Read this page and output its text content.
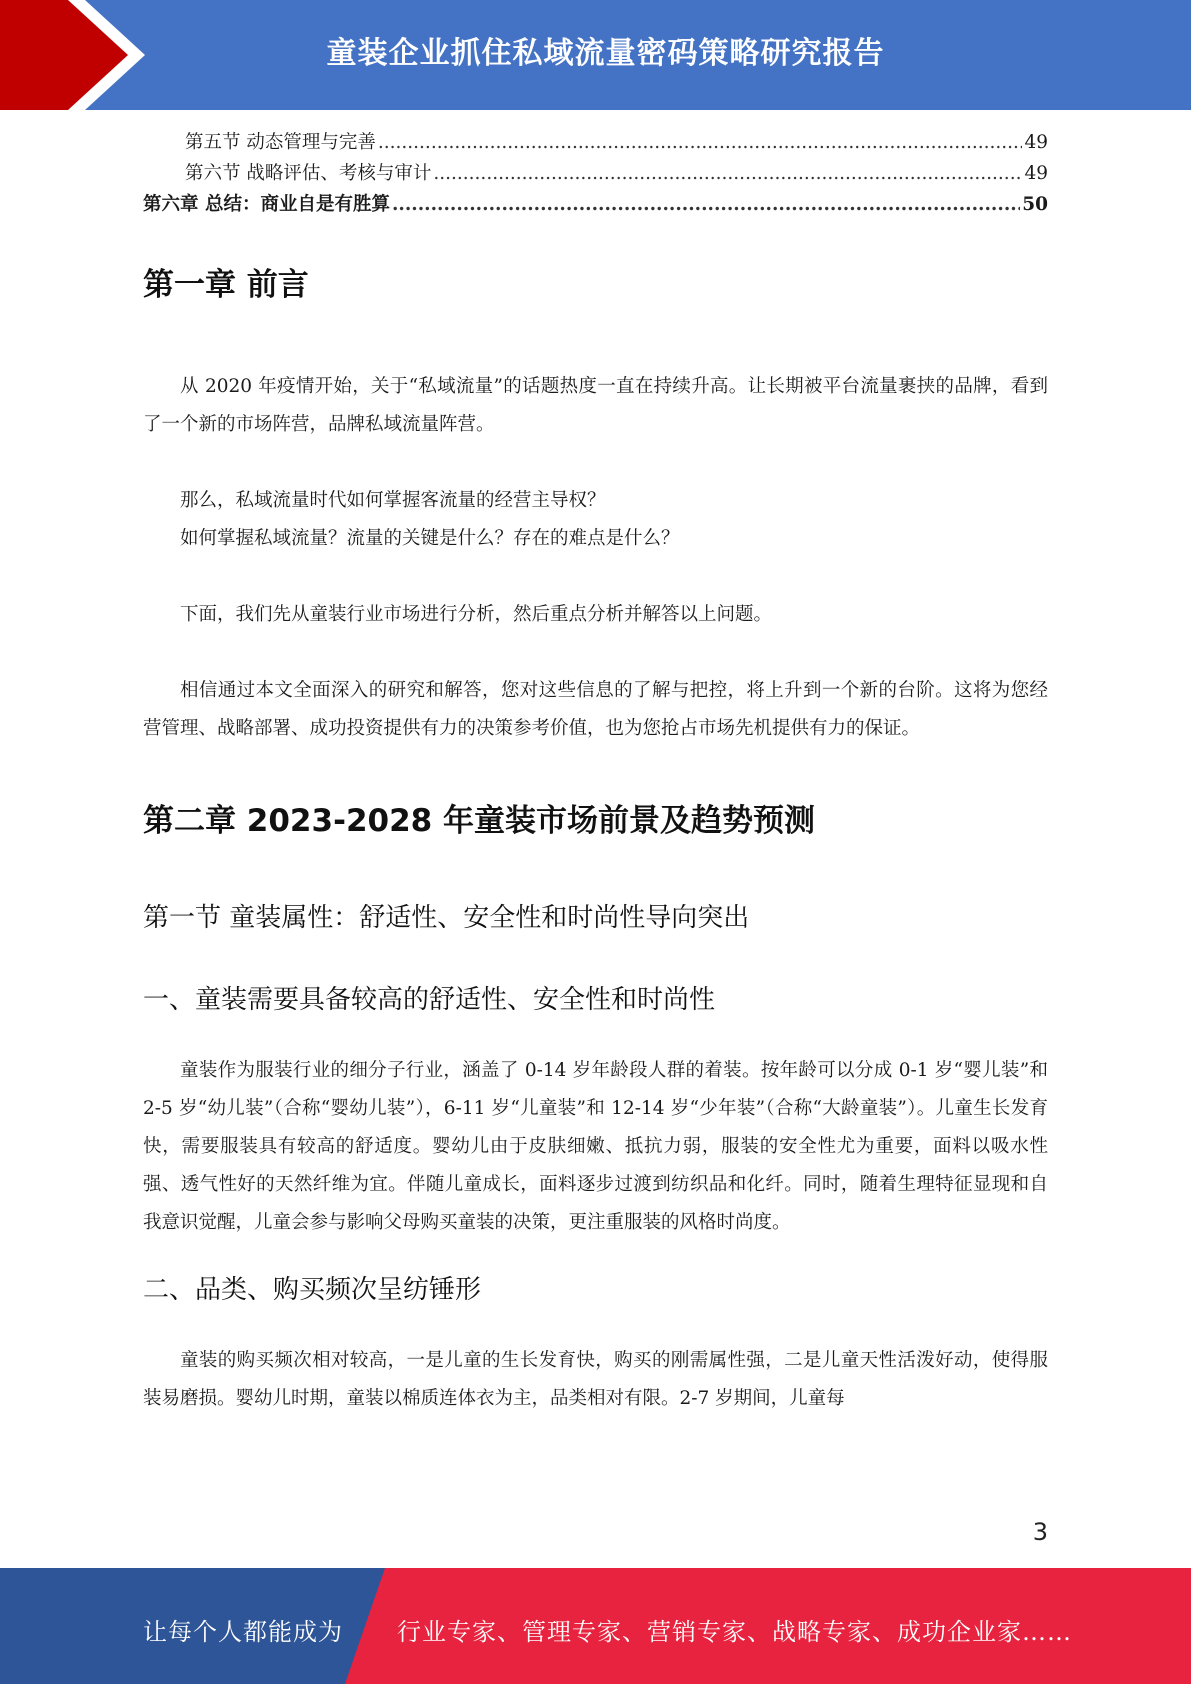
童装企业抓住私域流量密码策略研究报告
第五节 动态管理与完善 .....	49
第六节 战略评估、考核与审计 .....	49
第六章 总结：商业自是有胜算 .....	50
第一章 前言

从 2020 年疫情开始，关于“私域流量”的话题热度一直在持续升高。让长期被平台流量裹挟的品牌，看到了一个新的市场阵营，品牌私域流量阵营。

那么，私域流量时代如何掌握客流量的经营主导权？

如何掌握私域流量？流量的关键是什么？存在的难点是什么？

下面，我们先从童装行业市场进行分析，然后重点分析并解答以上问题。

相信通过本文全面深入的研究和解答，您对这些信息的了解与把控，将上升到一个新的台阶。这将为您经营管理、战略部署、成功投资提供有力的决策参考价值，也为您抢占市场先机提供有力的保证。

第二章 2023-2028 年童装市场前景及趋势预测
第一节 童装属性：舒适性、安全性和时尚性导向突出
一、童装需要具备较高的舒适性、安全性和时尚性

童装作为服装行业的细分子行业，涵盖了 0-14 岁年龄段人群的着装。按年龄可以分成 0-1 岁“婴儿装”和 2-5 岁“幼儿装”（合称“婴幼儿装”），6-11 岁“儿童装”和 12-14 岁“少年装”（合称“大龄童装”）。儿童生长发育快，需要服装具有较高的舒适度。婴幼儿由于皮肤细嫩、抵抗力弱，服装的安全性尤为重要，面料以吸水性强、透气性好的天然纤维为宜。伴随儿童成长，面料逐步过渡到纺织品和化纤。同时，随着生理特征显现和自我意识觉醒，儿童会参与影响父母购买童装的决策，更注重服装的风格时尚度。

二、品类、购买频次呈纺锤形

童装的购买频次相对较高，一是儿童的生长发育快，购买的刚需属性强，二是儿童天性活泼好动，使得服装易磨损。婴幼儿时期，童装以棉质连体衣为主，品类相对有限。2-7 岁期间，儿童每

3
让每个人都能成为 行业专家、管理专家、营销专家、战略专家、成功企业家……
